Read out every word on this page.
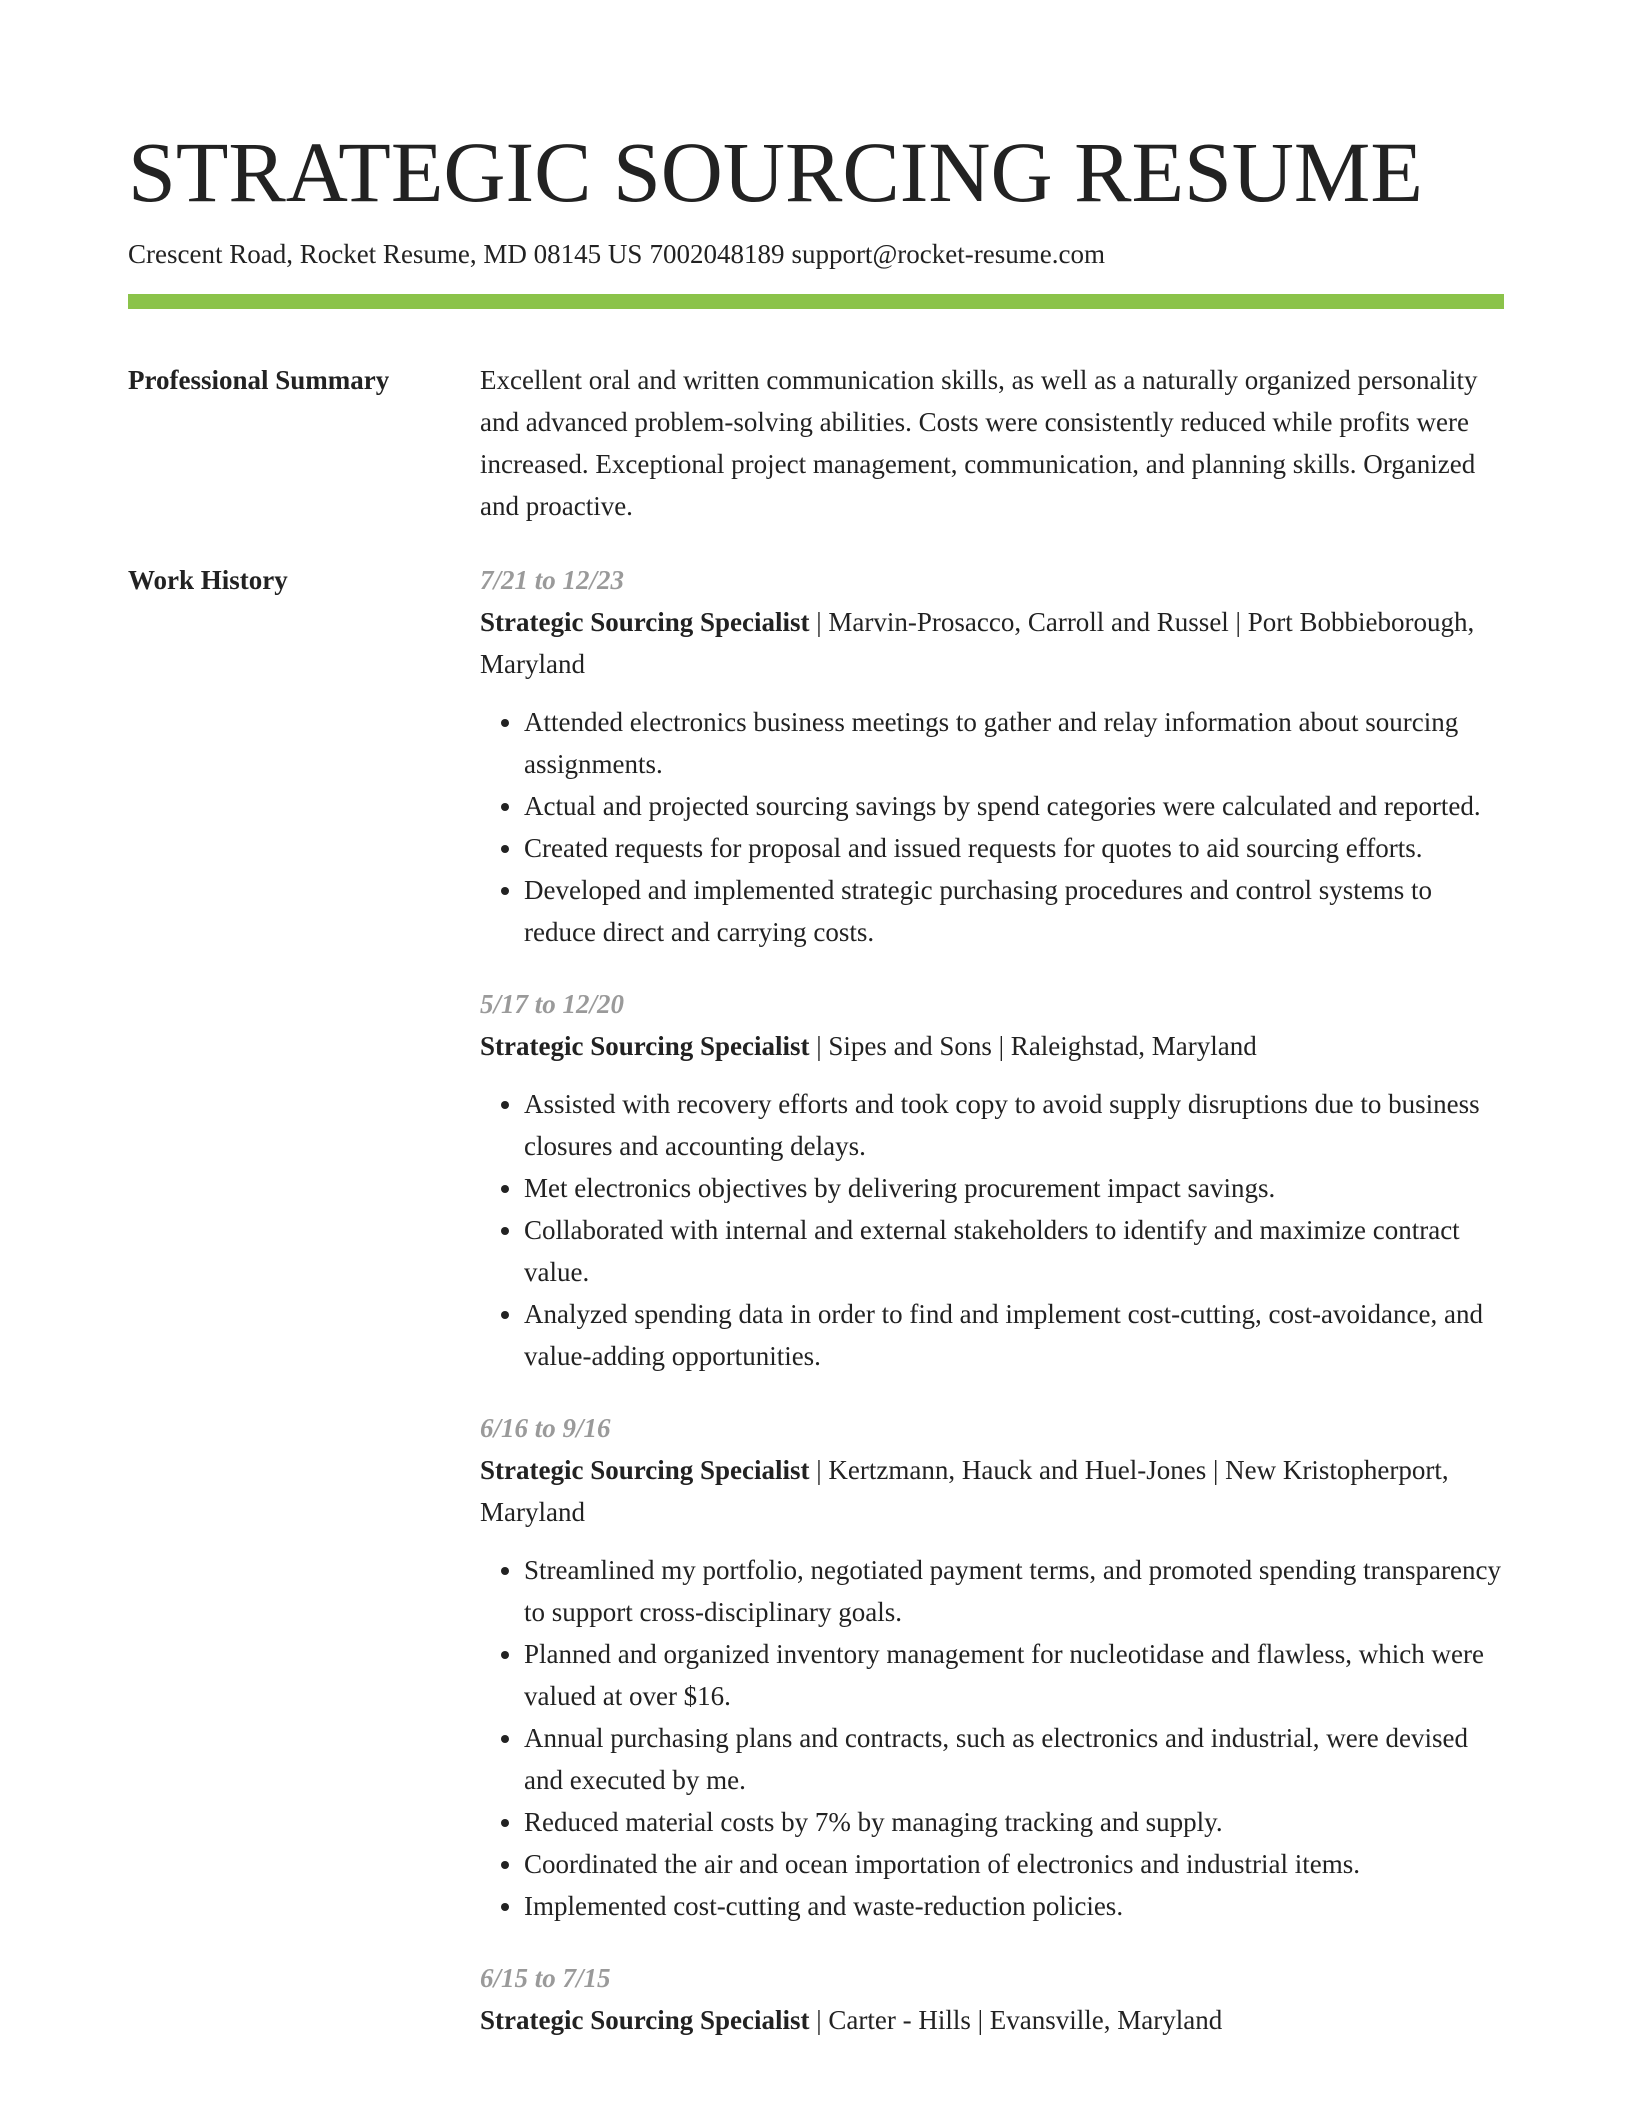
STRATEGIC SOURCING RESUME
Crescent Road, Rocket Resume, MD 08145 US 7002048189 support@rocket-resume.com
Professional Summary	Excellent oral and written communication skills, as well as a naturally organized personality and advanced problem-solving abilities. Costs were consistently reduced while profits were increased. Exceptional project management, communication, and planning skills. Organized and proactive.
Work History	7/21 to 12/23
Strategic Sourcing Specialist | Marvin-Prosacco, Carroll and Russel | Port Bobbieborough, Maryland
• Attended electronics business meetings to gather and relay information about sourcing assignments.
• Actual and projected sourcing savings by spend categories were calculated and reported.
• Created requests for proposal and issued requests for quotes to aid sourcing efforts.
• Developed and implemented strategic purchasing procedures and control systems to reduce direct and carrying costs.
5/17 to 12/20
Strategic Sourcing Specialist | Sipes and Sons | Raleighstad, Maryland
• Assisted with recovery efforts and took copy to avoid supply disruptions due to business closures and accounting delays.
• Met electronics objectives by delivering procurement impact savings.
• Collaborated with internal and external stakeholders to identify and maximize contract value.
• Analyzed spending data in order to find and implement cost-cutting, cost-avoidance, and value-adding opportunities.
6/16 to 9/16
Strategic Sourcing Specialist | Kertzmann, Hauck and Huel-Jones | New Kristopherport, Maryland
• Streamlined my portfolio, negotiated payment terms, and promoted spending transparency to support cross-disciplinary goals.
• Planned and organized inventory management for nucleotidase and flawless, which were valued at over $16.
• Annual purchasing plans and contracts, such as electronics and industrial, were devised and executed by me.
• Reduced material costs by 7% by managing tracking and supply.
• Coordinated the air and ocean importation of electronics and industrial items.
• Implemented cost-cutting and waste-reduction policies.
6/15 to 7/15
Strategic Sourcing Specialist | Carter - Hills | Evansville, Maryland
